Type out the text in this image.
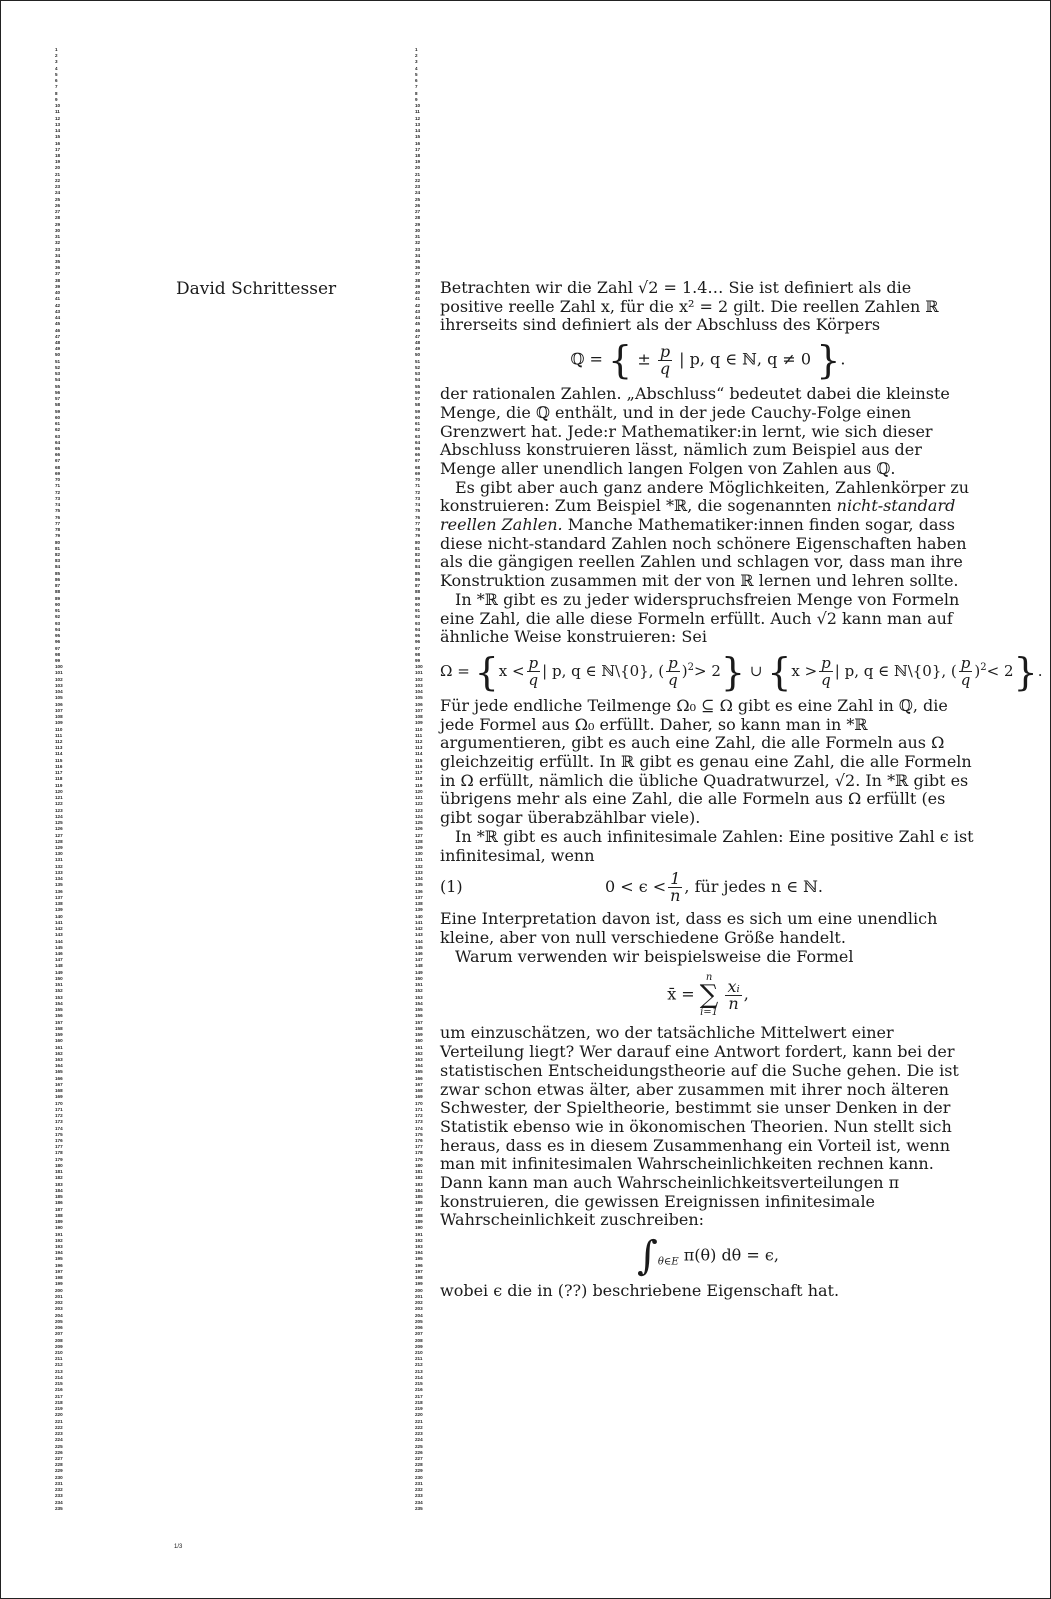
1
2
3
4
5
6
7
8
9
10
11
12
13
14
15
16
17
18
19
20
21
22
23
24
25
26
27
28
29
30
31
32
33
34
35
36
37
38
39
40
41
42
43
44
45
46
47
48
49
50
51
52
53
54
55
56
57
58
59
60
61
62
63
64
65
66
67
68
69
70
71
72
73
74
75
76
77
78
79
80
81
82
83
84
85
86
87
88
89
90
91
92
93
94
95
96
97
98
99
100
101
102
103
104
105
106
107
108
109
110
111
112
113
114
115
116
117
118
119
120
121
122
123
124
125
126
127
128
129
130
131
132
133
134
135
136
137
138
139
140
141
142
143
144
145
146
147
148
149
150
151
152
153
154
155
156
157
158
159
160
161
162
163
164
165
166
167
168
169
170
171
172
173
174
175
176
177
178
179
180
181
182
183
184
185
186
187
188
189
190
191
192
193
194
195
196
197
198
199
200
201
202
203
204
205
206
207
208
209
210
211
212
213
214
215
216
217
218
219
220
221
222
223
224
225
226
227
228
229
230
231
232
233
234
235
1
2
3
4
5
6
7
8
9
10
11
12
13
14
15
16
17
18
19
20
21
22
23
24
25
26
27
28
29
30
31
32
33
34
35
36
37
38
39
40
41
42
43
44
45
46
47
48
49
50
51
52
53
54
55
56
57
58
59
60
61
62
63
64
65
66
67
68
69
70
71
72
73
74
75
76
77
78
79
80
81
82
83
84
85
86
87
88
89
90
91
92
93
94
95
96
97
98
99
100
101
102
103
104
105
106
107
108
109
110
111
112
113
114
115
116
117
118
119
120
121
122
123
124
125
126
127
128
129
130
131
132
133
134
135
136
137
138
139
140
141
142
143
144
145
146
147
148
149
150
151
152
153
154
155
156
157
158
159
160
161
162
163
164
165
166
167
168
169
170
171
172
173
174
175
176
177
178
179
180
181
182
183
184
185
186
187
188
189
190
191
192
193
194
195
196
197
198
199
200
201
202
203
204
205
206
207
208
209
210
211
212
213
214
215
216
217
218
219
220
221
222
223
224
225
226
227
228
229
230
231
232
233
234
235
David Schrittesser
1/3

Betrachten wir die Zahl √2 = 1.4… Sie ist definiert als die positive reelle Zahl x, für die x² = 2 gilt. Die reellen Zahlen ℝ ihrerseits sind definiert als der Abschluss des Körpers

ℚ = { ± $\frac{p}{q}$ | p, q ∈ ℕ, q ≠ 0 }.

der rationalen Zahlen. „Abschluss“ bedeutet dabei die kleinste Menge, die ℚ enthält, und in der jede Cauchy-Folge einen Grenzwert hat. Jede:r Mathematiker:in lernt, wie sich dieser Abschluss konstruieren lässt, nämlich zum Beispiel aus der Menge aller unendlich langen Folgen von Zahlen aus ℚ.

Es gibt aber auch ganz andere Möglichkeiten, Zahlenkörper zu konstruieren: Zum Beispiel *ℝ, die sogenannten nicht-standard reellen Zahlen. Manche Mathematiker:innen finden sogar, dass diese nicht-standard Zahlen noch schönere Eigenschaften haben als die gängigen reellen Zahlen und schlagen vor, dass man ihre Konstruktion zusammen mit der von ℝ lernen und lehren sollte.

In *ℝ gibt es zu jeder widerspruchsfreien Menge von Formeln eine Zahl, die alle diese Formeln erfüllt. Auch √2 kann man auf ähnliche Weise konstruieren: Sei

$\Omega = \{x < \frac{p}{q}$ | p, q ∈ ℕ\{0}, ( $\frac{p}{q} )^2> 2$} ∪ {$x > \frac{p}{q}$ | p, q ∈ ℕ\{0}, ( $\frac{p}{q} )^2< 2$}.

Für jede endliche Teilmenge Ω₀ ⊆ Ω gibt es eine Zahl in ℚ, die jede Formel aus Ω₀ erfüllt. Daher, so kann man in *ℝ argumentieren, gibt es auch eine Zahl, die alle Formeln aus Ω gleichzeitig erfüllt. In ℝ gibt es genau eine Zahl, die alle Formeln in Ω erfüllt, nämlich die übliche Quadratwurzel, √2. In *ℝ gibt es übrigens mehr als eine Zahl, die alle Formeln aus Ω erfüllt (es gibt sogar überabzählbar viele).

In *ℝ gibt es auch infinitesimale Zahlen: Eine positive Zahl ϵ ist infinitesimal, wenn

(1)	$0 < \epsilon < \frac{1}{n}$ , für jedes n ∈ ℕ.

Eine Interpretation davon ist, dass es sich um eine unendlich kleine, aber von null verschiedene Größe handelt.

Warum verwenden wir beispielsweise die Formel

x̄ =
n
∑
i=1

$\frac{\text{xᵢ}}{n}$ ,

um einzuschätzen, wo der tatsächliche Mittelwert einer Verteilung liegt? Wer darauf eine Antwort fordert, kann bei der statistischen Entscheidungstheorie auf die Suche gehen. Die ist zwar schon etwas älter, aber zusammen mit ihrer noch älteren Schwester, der Spieltheorie, bestimmt sie unser Denken in der Statistik ebenso wie in ökonomischen Theorien. Nun stellt sich heraus, dass es in diesem Zusammenhang ein Vorteil ist, wenn man mit infinitesimalen Wahrscheinlichkeiten rechnen kann. Dann kann man auch Wahrscheinlichkeitsverteilungen π konstruieren, die gewissen Ereignissen infinitesimale Wahrscheinlichkeit zuschreiben:

$\int_{\theta\in E}$ π(θ) dθ = ϵ,

wobei ϵ die in (??) beschriebene Eigenschaft hat.
